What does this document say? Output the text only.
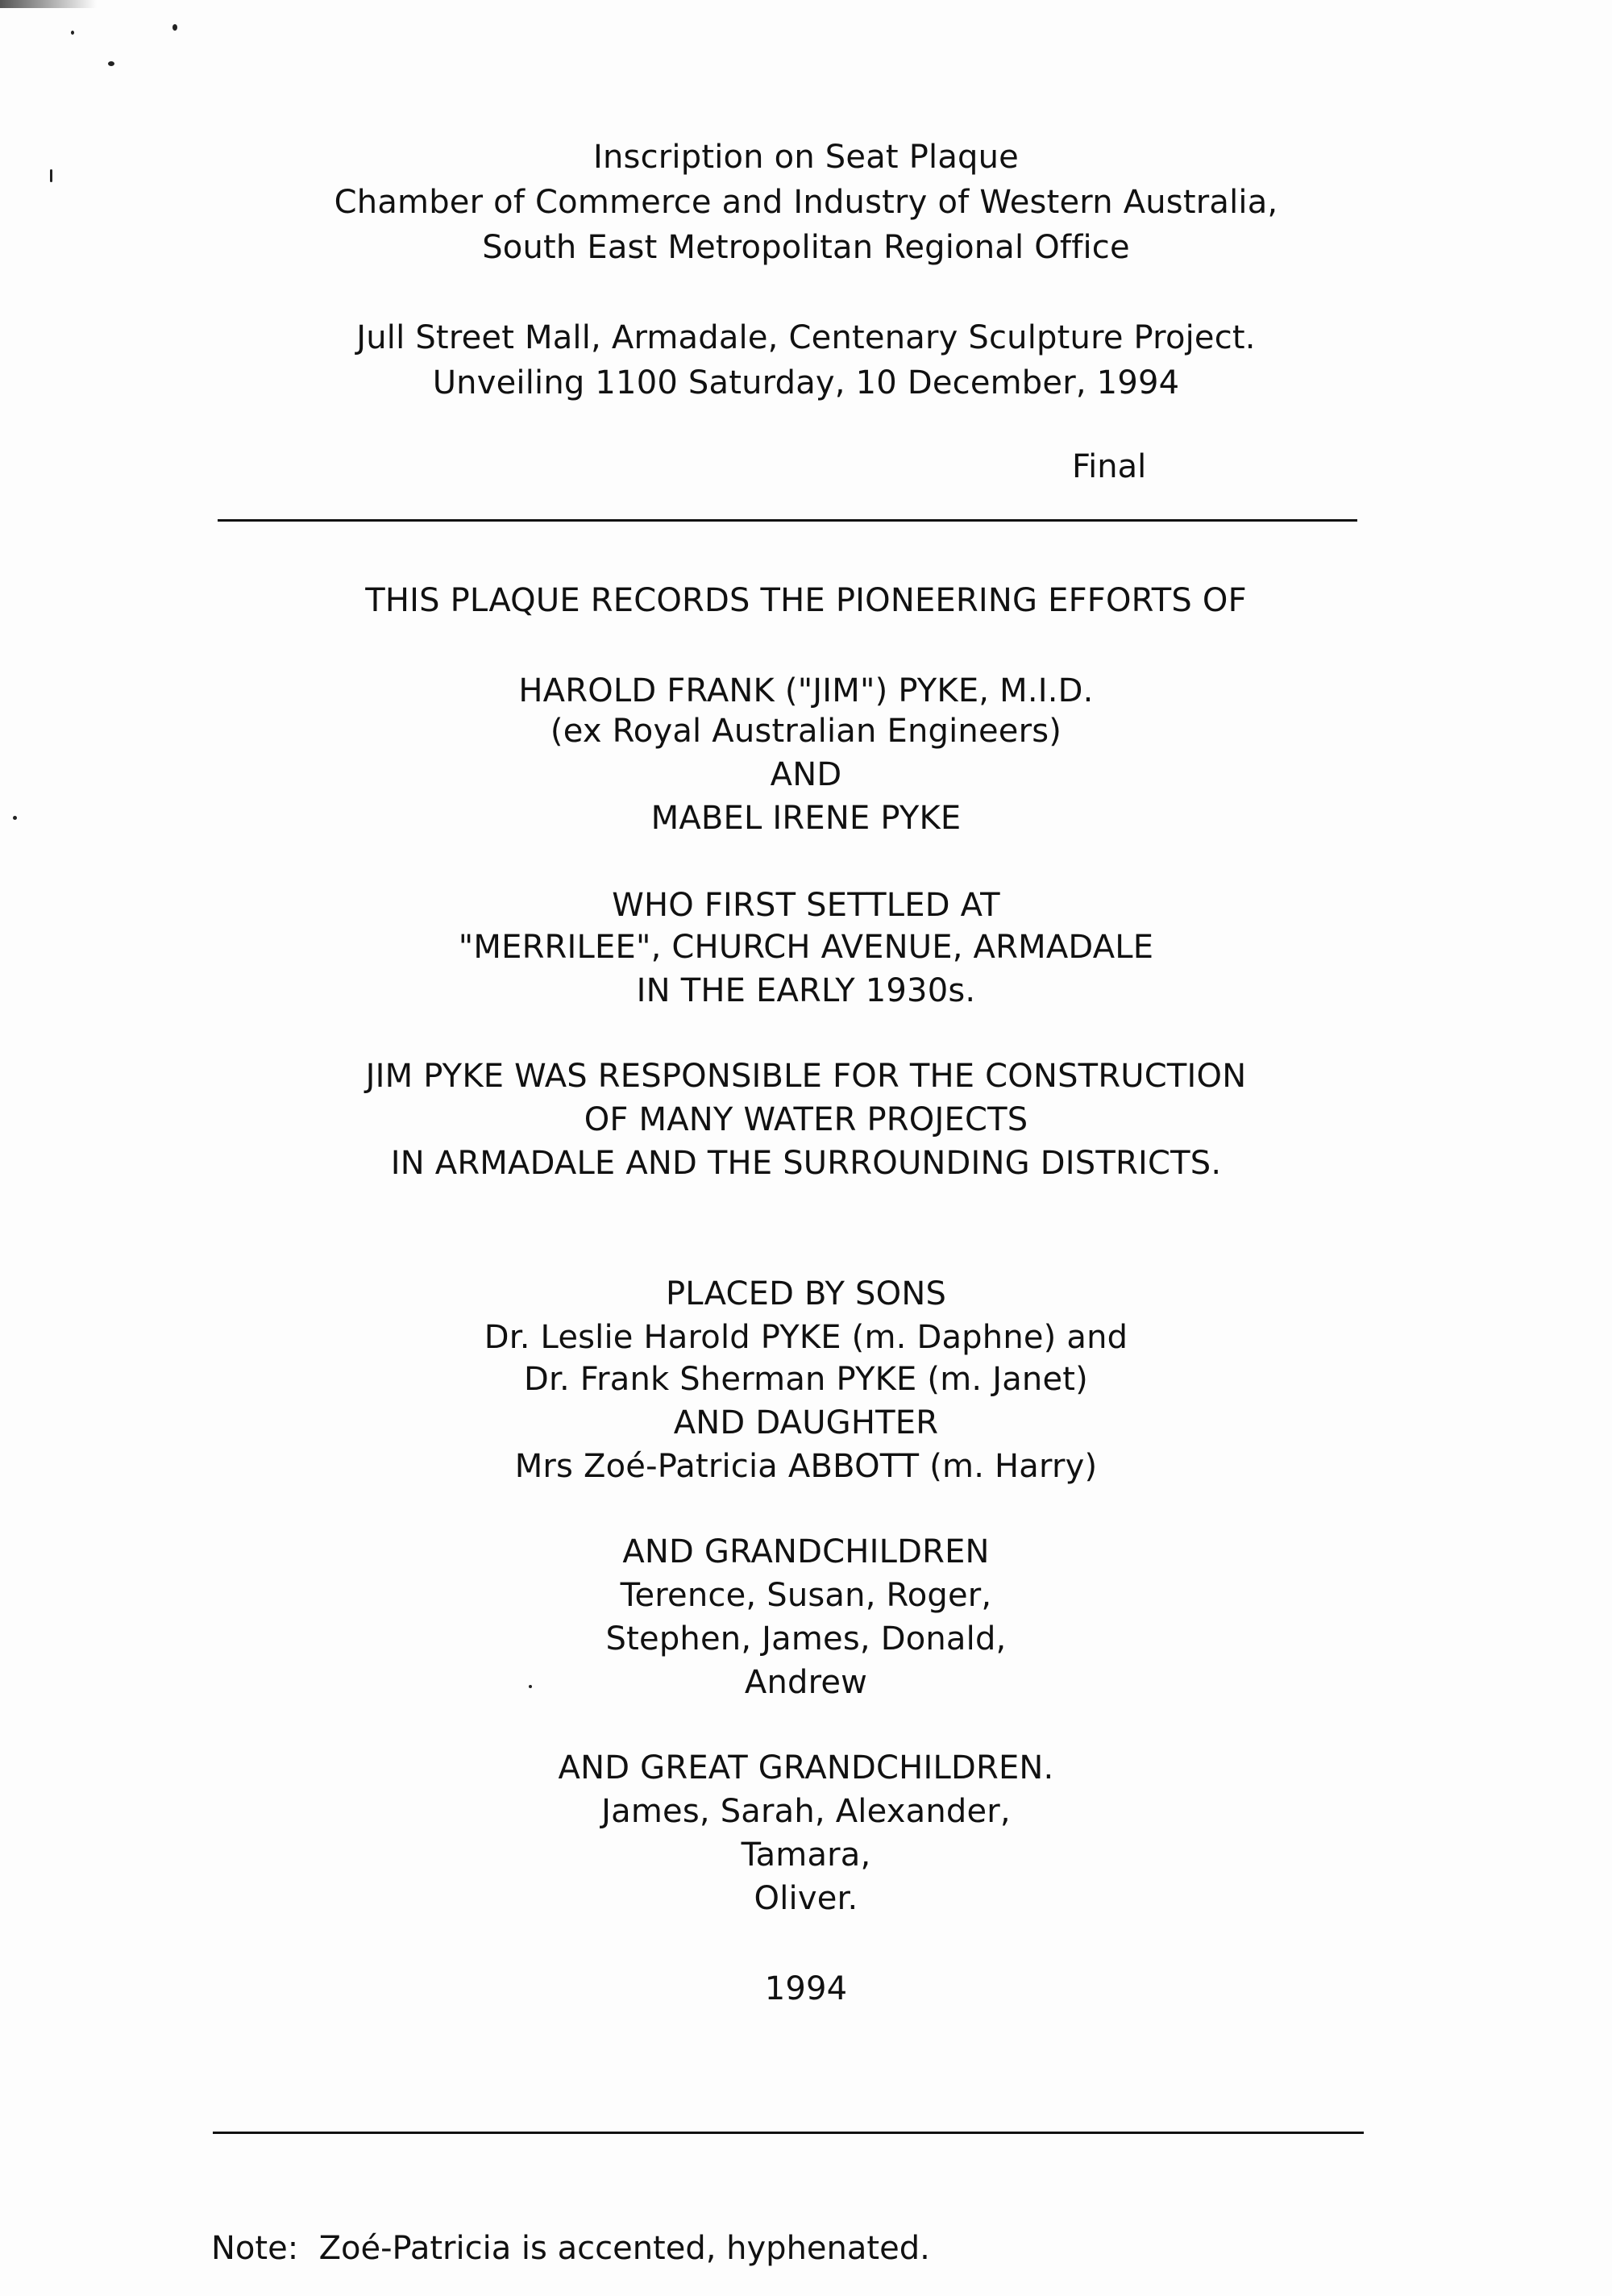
Inscription on Seat Plaque
Chamber of Commerce and Industry of Western Australia,
South East Metropolitan Regional Office
Jull Street Mall, Armadale, Centenary Sculpture Project.
Unveiling 1100 Saturday, 10 December, 1994
Final
THIS PLAQUE RECORDS THE PIONEERING EFFORTS OF
HAROLD FRANK ("JIM") PYKE, M.I.D.
(ex Royal Australian Engineers)
AND
MABEL IRENE PYKE
WHO FIRST SETTLED AT
"MERRILEE", CHURCH AVENUE, ARMADALE
IN THE EARLY 1930s.
JIM PYKE WAS RESPONSIBLE FOR THE CONSTRUCTION
OF MANY WATER PROJECTS
IN ARMADALE AND THE SURROUNDING DISTRICTS.
PLACED BY SONS
Dr. Leslie Harold PYKE (m. Daphne) and
Dr. Frank Sherman PYKE (m. Janet)
AND DAUGHTER
Mrs Zoé-Patricia ABBOTT (m. Harry)
AND GRANDCHILDREN
Terence, Susan, Roger,
Stephen, James, Donald,
Andrew
AND GREAT GRANDCHILDREN.
James, Sarah, Alexander,
Tamara,
Oliver.
1994
Note:  Zoé-Patricia is accented, hyphenated.
